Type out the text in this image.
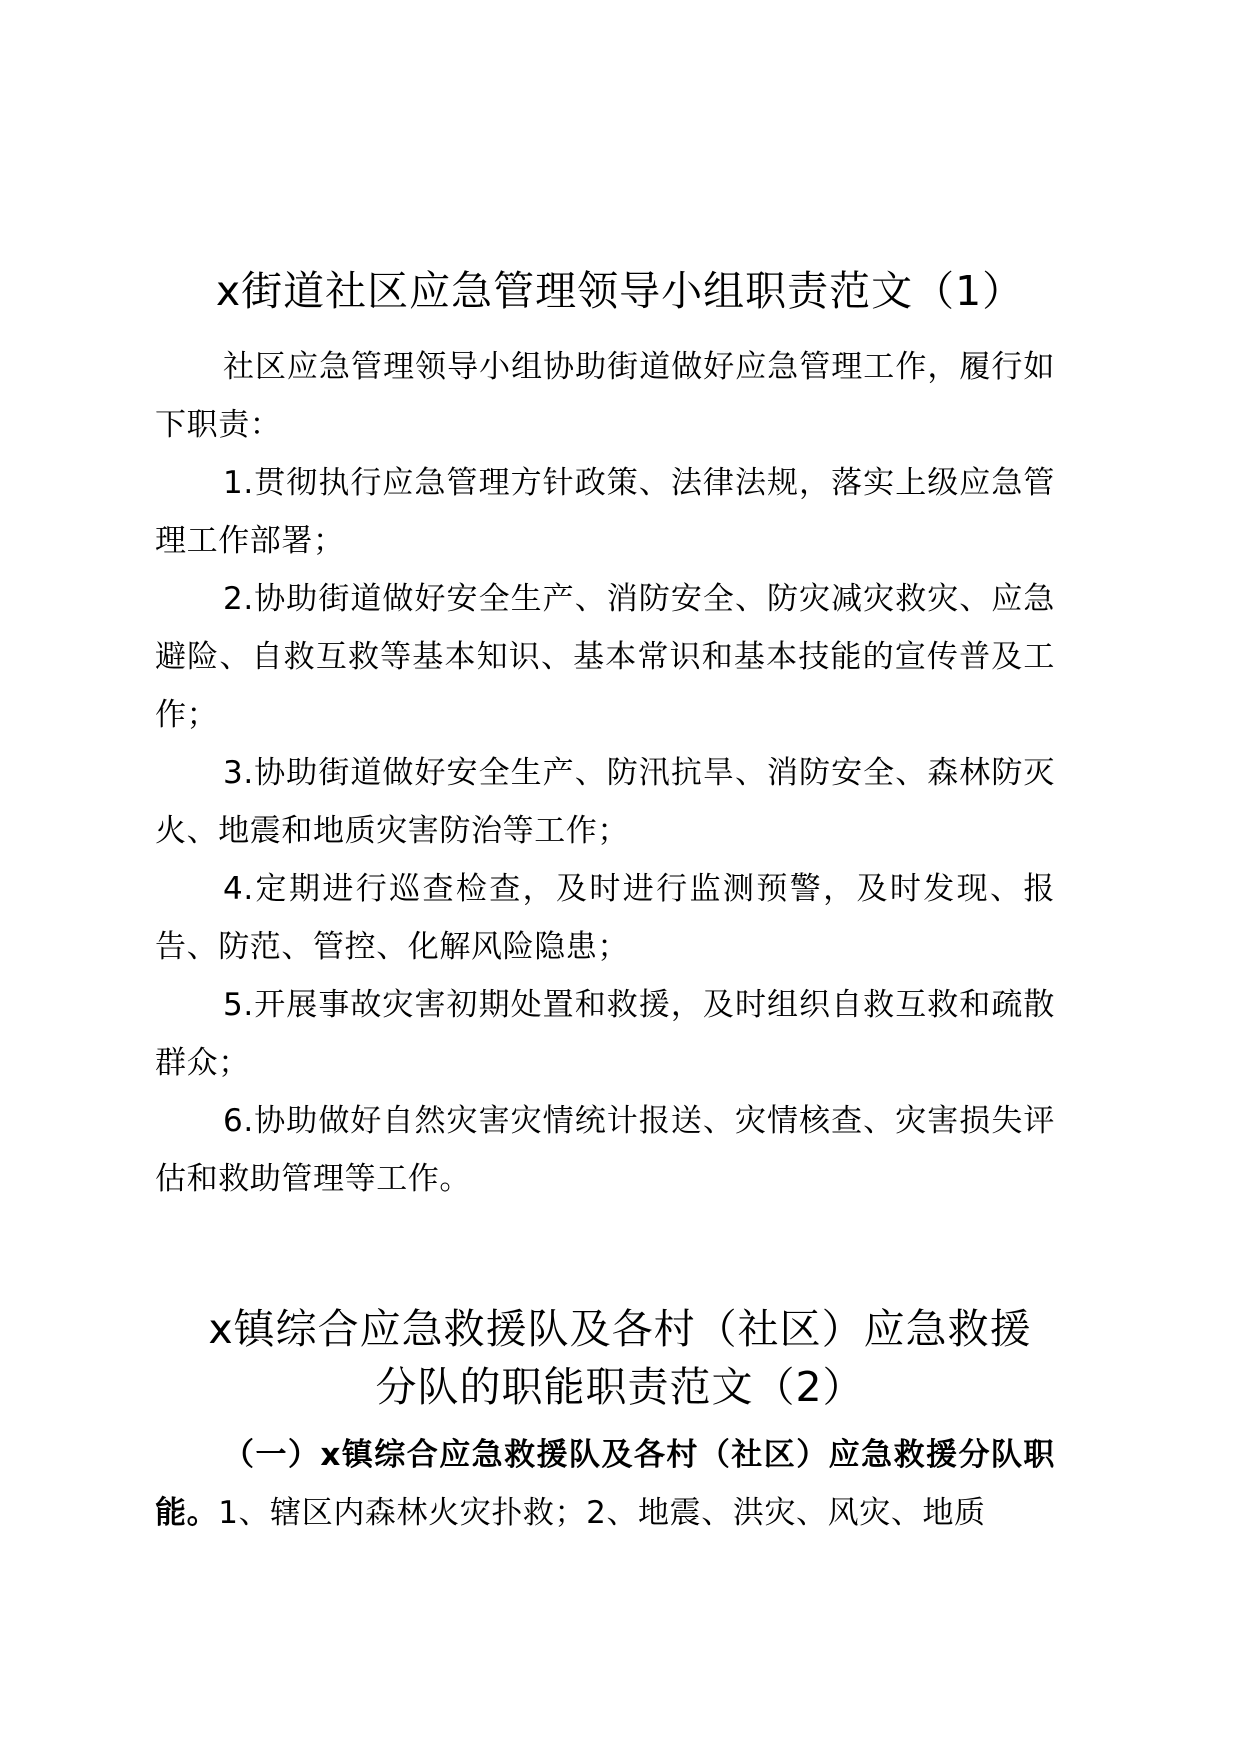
x街道社区应急管理领导小组职责范文（1）

社区应急管理领导小组协助街道做好应急管理工作，履行如下职责：

1.贯彻执行应急管理方针政策、法律法规，落实上级应急管理工作部署；

2.协助街道做好安全生产、消防安全、防灾减灾救灾、应急避险、自救互救等基本知识、基本常识和基本技能的宣传普及工作；

3.协助街道做好安全生产、防汛抗旱、消防安全、森林防灭火、地震和地质灾害防治等工作；

4.定期进行巡查检查，及时进行监测预警，及时发现、报告、防范、管控、化解风险隐患；

5.开展事故灾害初期处置和救援，及时组织自救互救和疏散群众；

6.协助做好自然灾害灾情统计报送、灾情核查、灾害损失评估和救助管理等工作。

x镇综合应急救援队及各村（社区）应急救援
分队的职能职责范文（2）

（一）x镇综合应急救援队及各村（社区）应急救援分队职能。1、辖区内森林火灾扑救；2、地震、洪灾、风灾、地质
